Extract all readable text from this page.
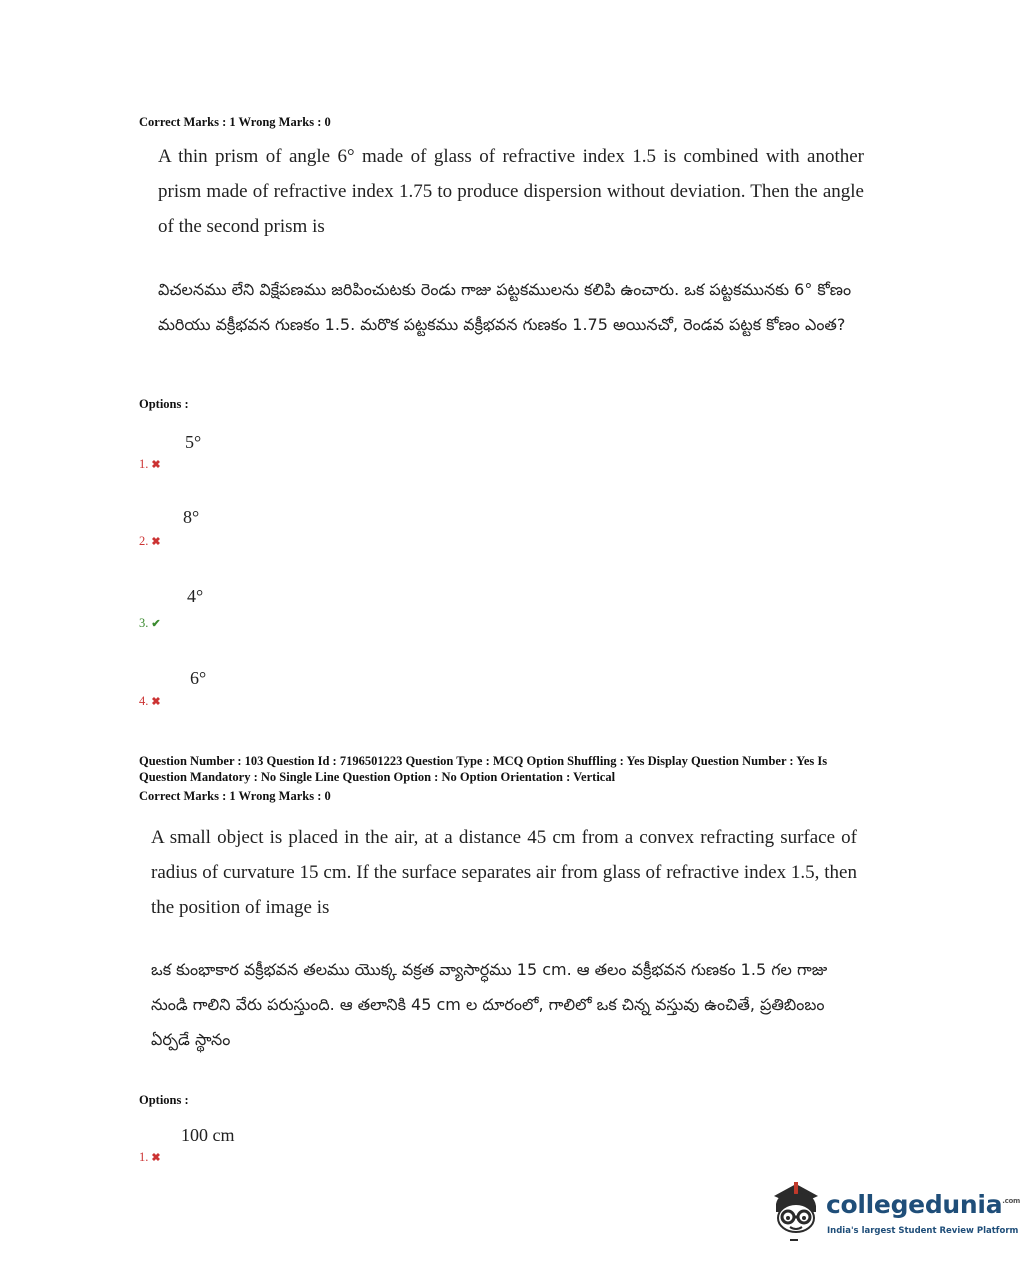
Correct Marks : 1 Wrong Marks : 0
A thin prism of angle 6° made of glass of refractive index 1.5 is combined with another prism made of refractive index 1.75 to produce dispersion without deviation. Then the angle of the second prism is
విచలనము లేని విక్షేపణము జరిపించుటకు రెండు గాజు పట్టకములను కలిపి ఉంచారు. ఒక పట్టకమునకు 6° కోణం మరియు వక్రీభవన గుణకం 1.5. మరొక పట్టకము వక్రీభవన గుణకం 1.75 అయినచో, రెండవ పట్టక కోణం ఎంత?
Options :
5°
1. ✖
8°
2. ✖
4°
3. ✔
6°
4. ✖
Question Number : 103 Question Id : 7196501223 Question Type : MCQ Option Shuffling : Yes Display Question Number : Yes Is
Question Mandatory : No Single Line Question Option : No Option Orientation : Vertical
Correct Marks : 1 Wrong Marks : 0
A small object is placed in the air, at a distance 45 cm from a convex refracting surface of radius of curvature 15 cm. If the surface separates air from glass of refractive index 1.5, then the position of image is
ఒక కుంభాకార వక్రీభవన తలము యొక్క వక్రత వ్యాసార్ధము 15 cm. ఆ తలం వక్రీభవన గుణకం 1.5 గల గాజు నుండి గాలిని వేరు పరుస్తుంది. ఆ తలానికి 45 cm ల దూరంలో, గాలిలో ఒక చిన్న వస్తువు ఉంచితే, ప్రతిబింబం ఏర్పడే స్థానం
Options :
100 cm
1. ✖
collegedunia$^{.com}$
India's largest Student Review Platform
